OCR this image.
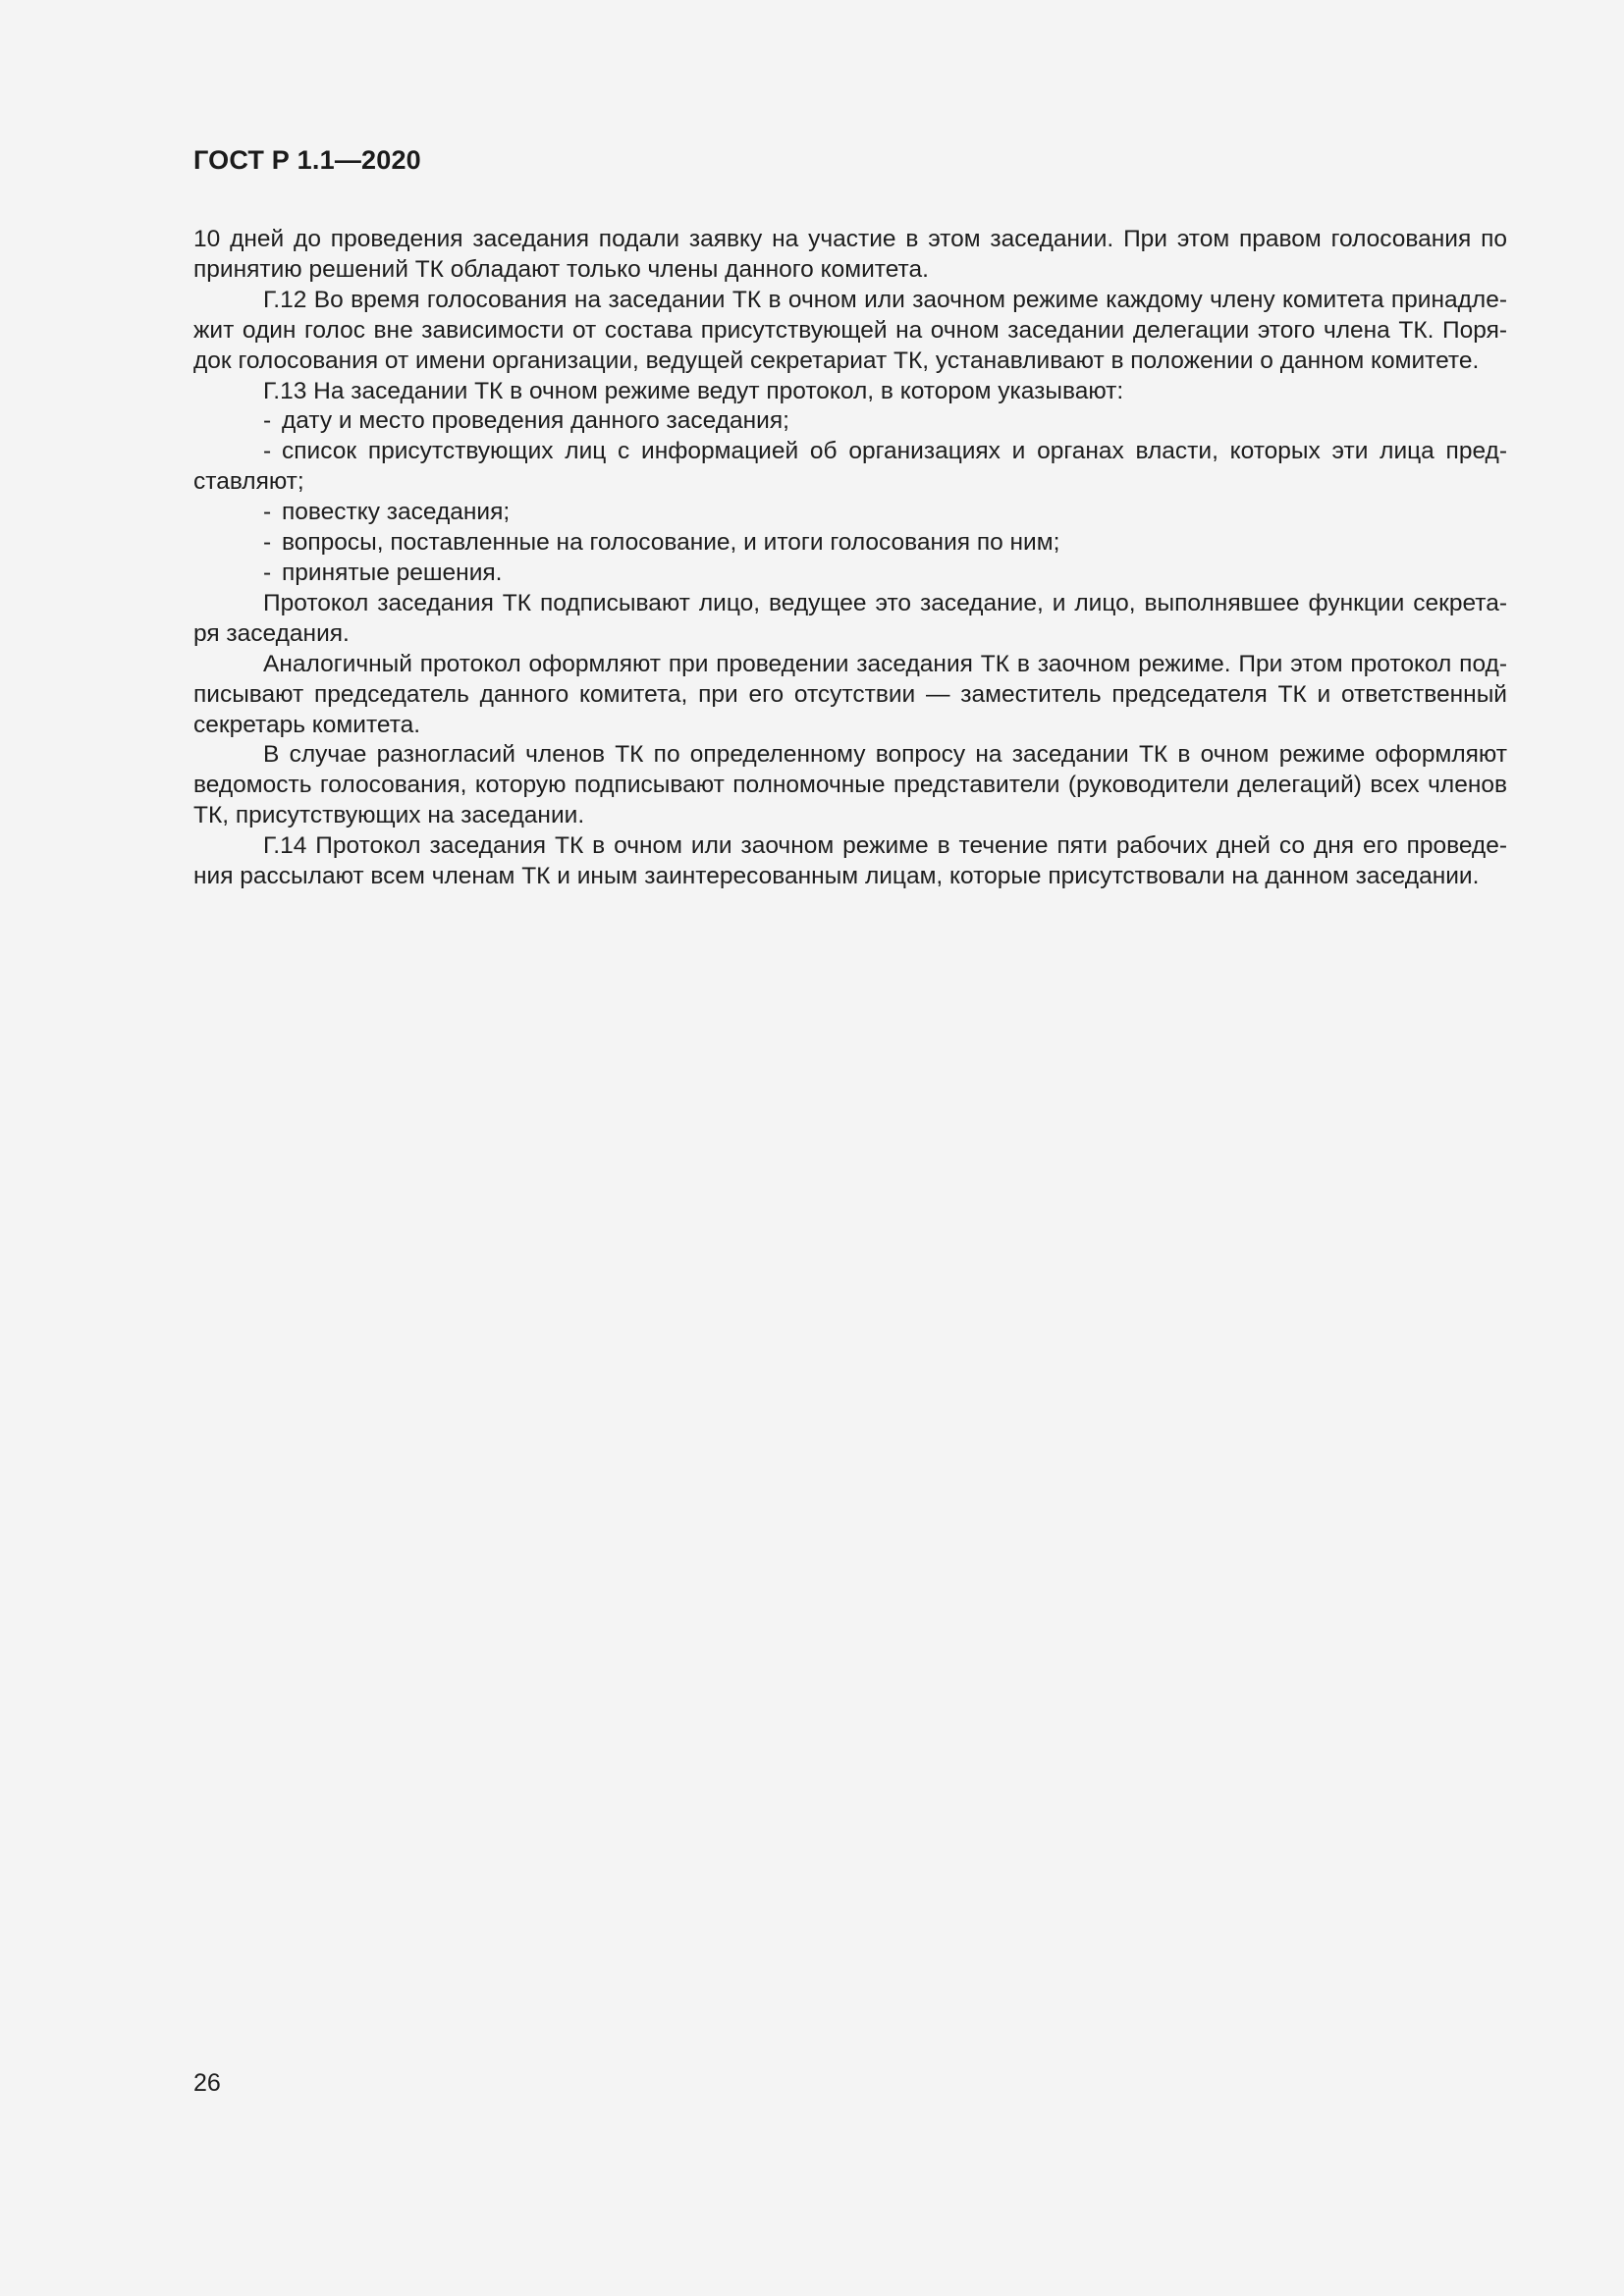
ГОСТ Р 1.1—2020

10 дней до проведения заседания подали заявку на участие в этом заседании. При этом правом голосования по принятию решений ТК обладают только члены данного комитета.

Г.12 Во время голосования на заседании ТК в очном или заочном режиме каждому члену комитета принадле-жит один голос вне зависимости от состава присутствующей на очном заседании делегации этого члена ТК. Поря-док голосования от имени организации, ведущей секретариат ТК, устанавливают в положении о данном комитете.

Г.13 На заседании ТК в очном режиме ведут протокол, в котором указывают:

- дату и место проведения данного заседания;

- список присутствующих лиц с информацией об организациях и органах власти, которых эти лица пред-ставляют;

- повестку заседания;

- вопросы, поставленные на голосование, и итоги голосования по ним;

- принятые решения.

Протокол заседания ТК подписывают лицо, ведущее это заседание, и лицо, выполнявшее функции секрета-ря заседания.

Аналогичный протокол оформляют при проведении заседания ТК в заочном режиме. При этом протокол под-писывают председатель данного комитета, при его отсутствии — заместитель председателя ТК и ответственный секретарь комитета.

В случае разногласий членов ТК по определенному вопросу на заседании ТК в очном режиме оформляют ведомость голосования, которую подписывают полномочные представители (руководители делегаций) всех членов ТК, присутствующих на заседании.

Г.14 Протокол заседания ТК в очном или заочном режиме в течение пяти рабочих дней со дня его проведе-ния рассылают всем членам ТК и иным заинтересованным лицам, которые присутствовали на данном заседании.

26
